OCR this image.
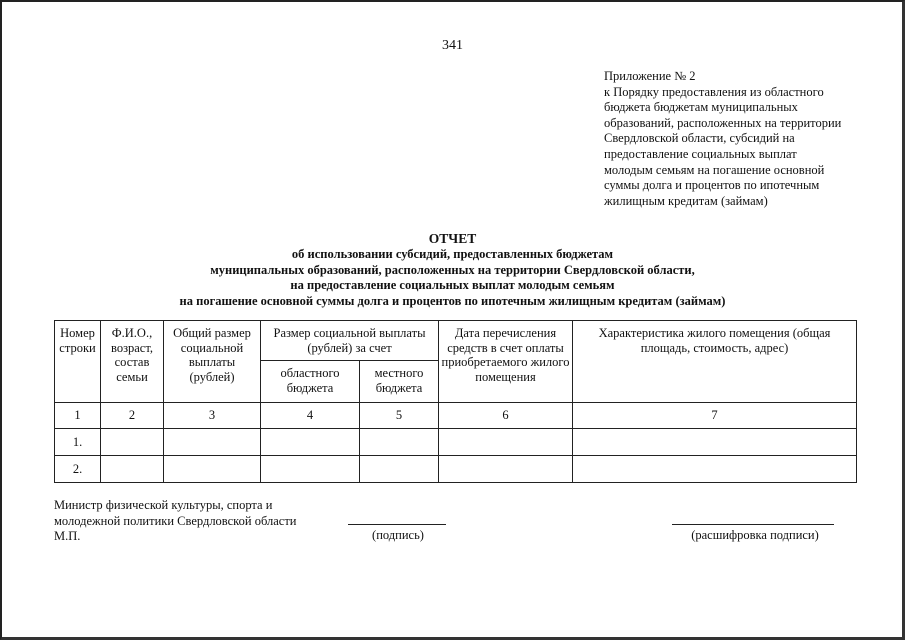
341
Приложение № 2
к Порядку предоставления из областного
бюджета бюджетам муниципальных
образований, расположенных на территории
Свердловской области, субсидий на
предоставление социальных выплат
молодым семьям на погашение основной
суммы долга и процентов по ипотечным
жилищным кредитам (займам)
ОТЧЕТ
об использовании субсидий, предоставленных бюджетам
муниципальных образований, расположенных на территории Свердловской области,
на предоставление социальных выплат молодым семьям
на погашение основной суммы долга и процентов по ипотечным жилищным кредитам (займам)
Номер строки	Ф.И.О., возраст, состав семьи	Общий размер социальной выплаты (рублей)	Размер социальной выплаты (рублей) за счет		Дата перечисления средств в счет оплаты приобретаемого жилого помещения	Характеристика жилого помещения (общая площадь, стоимость, адрес)
			областного бюджета	местного бюджета		
1	2	3	4	5	6	7
1.						
2.						
Министр физической культуры, спорта и
молодежной политики Свердловской области
М.П.	(подпись)	(расшифровка подписи)
